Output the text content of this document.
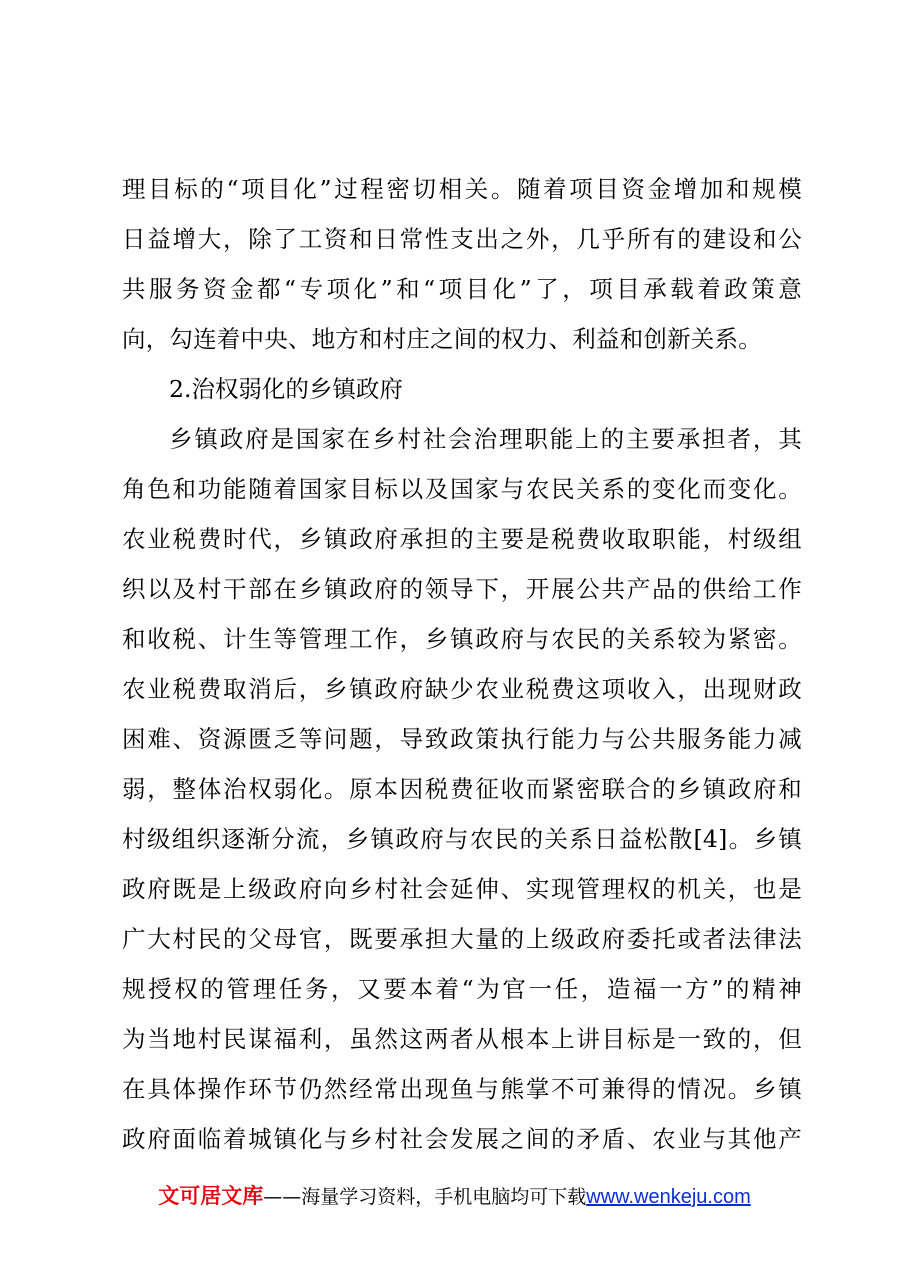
理目标的“项目化”过程密切相关。随着项目资金增加和规模
日益增大，除了工资和日常性支出之外，几乎所有的建设和公
共服务资金都“专项化”和“项目化”了，项目承载着政策意
向，勾连着中央、地方和村庄之间的权力、利益和创新关系。
2.治权弱化的乡镇政府
乡镇政府是国家在乡村社会治理职能上的主要承担者，其
角色和功能随着国家目标以及国家与农民关系的变化而变化。
农业税费时代，乡镇政府承担的主要是税费收取职能，村级组
织以及村干部在乡镇政府的领导下，开展公共产品的供给工作
和收税、计生等管理工作，乡镇政府与农民的关系较为紧密。
农业税费取消后，乡镇政府缺少农业税费这项收入，出现财政
困难、资源匮乏等问题，导致政策执行能力与公共服务能力减
弱，整体治权弱化。原本因税费征收而紧密联合的乡镇政府和
村级组织逐渐分流，乡镇政府与农民的关系日益松散[4]。乡镇
政府既是上级政府向乡村社会延伸、实现管理权的机关，也是
广大村民的父母官，既要承担大量的上级政府委托或者法律法
规授权的管理任务，又要本着“为官一任，造福一方”的精神
为当地村民谋福利，虽然这两者从根本上讲目标是一致的，但
在具体操作环节仍然经常出现鱼与熊掌不可兼得的情况。乡镇
政府面临着城镇化与乡村社会发展之间的矛盾、农业与其他产
文可居文库——海量学习资料，手机电脑均可下载www.wenkeju.com
